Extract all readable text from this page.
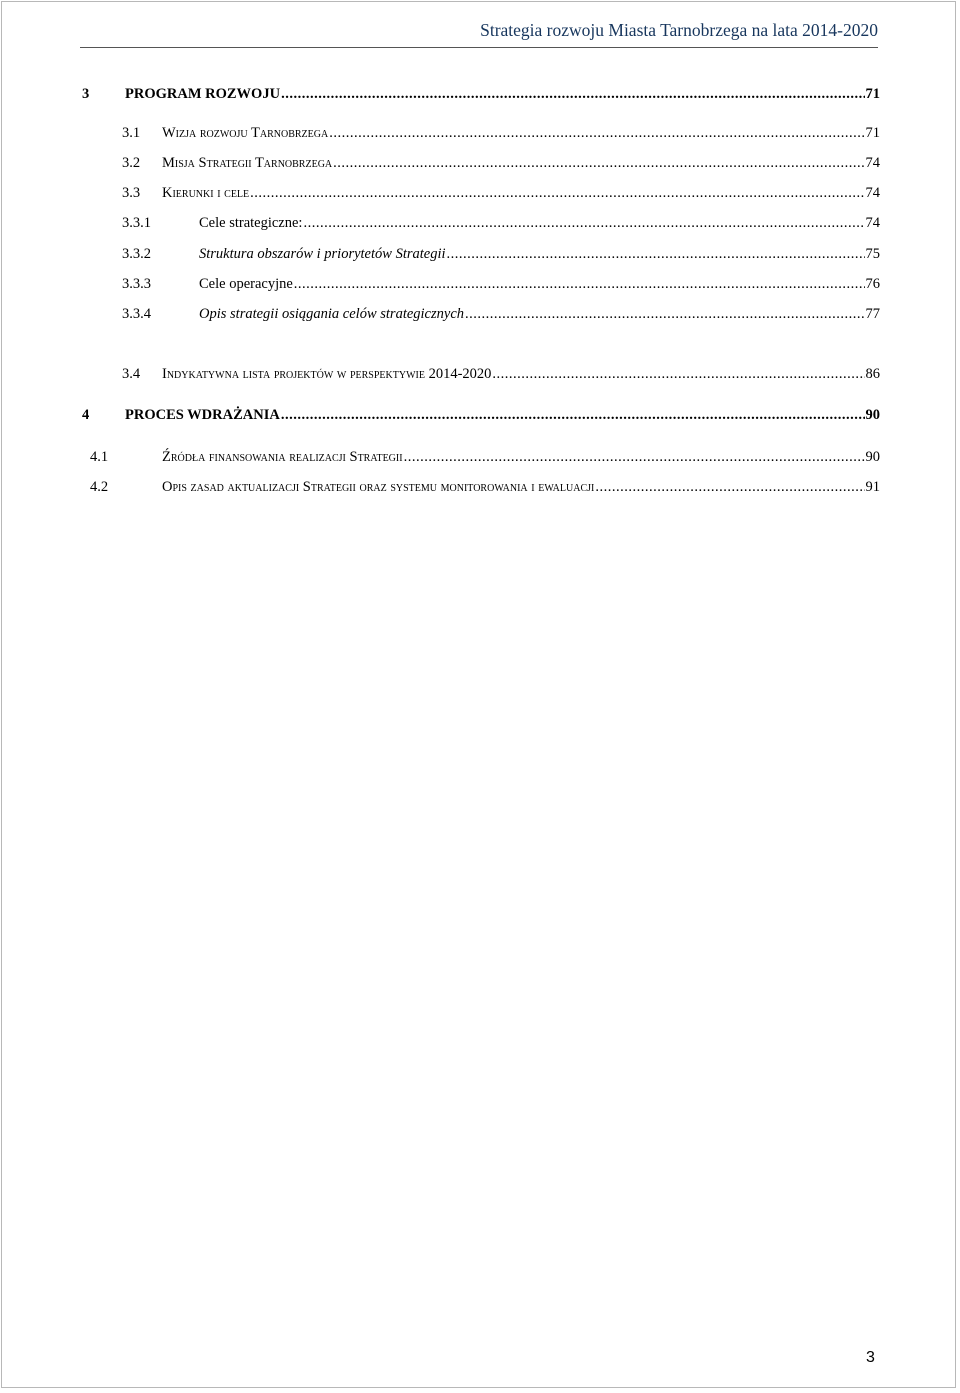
Strategia rozwoju Miasta Tarnobrzega na lata 2014-2020
3	PROGRAM ROZWOJU .....	71
3.1	Wizja rozwoju Tarnobrzega .....	71
3.2	Misja Strategii Tarnobrzega .....	74
3.3	Kierunki i cele .....	74
3.3.1	Cele strategiczne: .....	74
3.3.2	Struktura obszarów i priorytetów Strategii .....	75
3.3.3	Cele operacyjne .....	76
3.3.4	Opis strategii osiągania celów strategicznych .....	77
3.4	Indykatywna lista projektów w perspektywie 2014-2020 .....	86
4	PROCES WDRAŻANIA .....	90
4.1	Źródła finansowania realizacji Strategii .....	90
4.2	Opis zasad aktualizacji Strategii oraz systemu monitorowania i ewaluacji .....	91
3
